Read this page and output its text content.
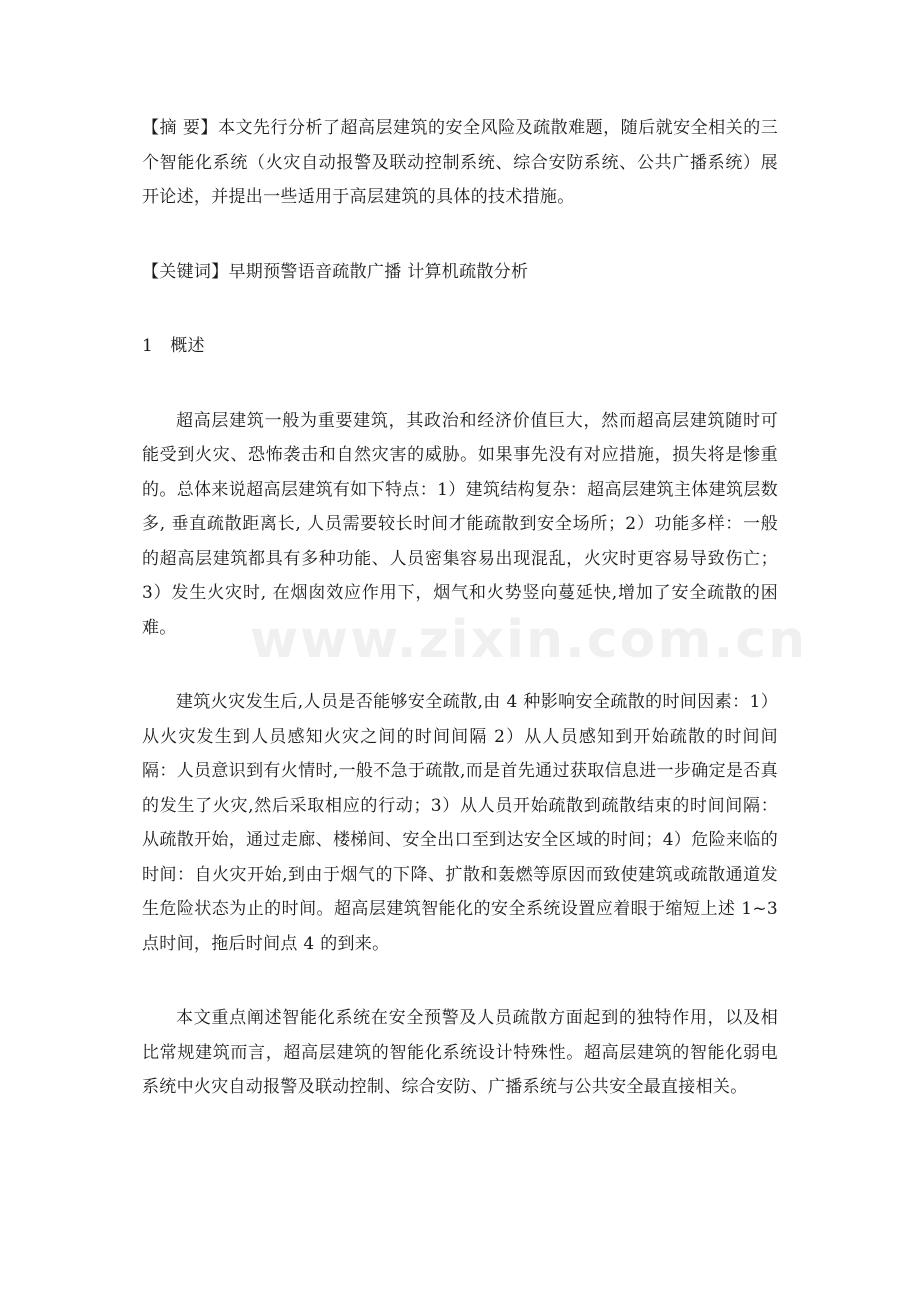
【摘 要】本文先行分析了超高层建筑的安全风险及疏散难题，随后就安全相关的三个智能化系统（火灾自动报警及联动控制系统、综合安防系统、公共广播系统）展开论述，并提出一些适用于高层建筑的具体的技术措施。

【关键词】早期预警语音疏散广播 计算机疏散分析

1 概述

超高层建筑一般为重要建筑，其政治和经济价值巨大，然而超高层建筑随时可能受到火灾、恐怖袭击和自然灾害的威胁。如果事先没有对应措施，损失将是惨重的。总体来说超高层建筑有如下特点：1）建筑结构复杂：超高层建筑主体建筑层数多, 垂直疏散距离长, 人员需要较长时间才能疏散到安全场所；2）功能多样：一般的超高层建筑都具有多种功能、人员密集容易出现混乱，火灾时更容易导致伤亡；3）发生火灾时, 在烟囱效应作用下，烟气和火势竖向蔓延快,增加了安全疏散的困难。

建筑火灾发生后,人员是否能够安全疏散,由 4 种影响安全疏散的时间因素：1）从火灾发生到人员感知火灾之间的时间间隔 2）从人员感知到开始疏散的时间间隔：人员意识到有火情时,一般不急于疏散,而是首先通过获取信息进一步确定是否真的发生了火灾,然后采取相应的行动；3）从人员开始疏散到疏散结束的时间间隔：从疏散开始，通过走廊、楼梯间、安全出口至到达安全区域的时间；4）危险来临的时间：自火灾开始,到由于烟气的下降、扩散和轰燃等原因而致使建筑或疏散通道发生危险状态为止的时间。超高层建筑智能化的安全系统设置应着眼于缩短上述 1~3 点时间，拖后时间点 4 的到来。

本文重点阐述智能化系统在安全预警及人员疏散方面起到的独特作用，以及相比常规建筑而言，超高层建筑的智能化系统设计特殊性。超高层建筑的智能化弱电系统中火灾自动报警及联动控制、综合安防、广播系统与公共安全最直接相关。

www.zixin.com.cn
